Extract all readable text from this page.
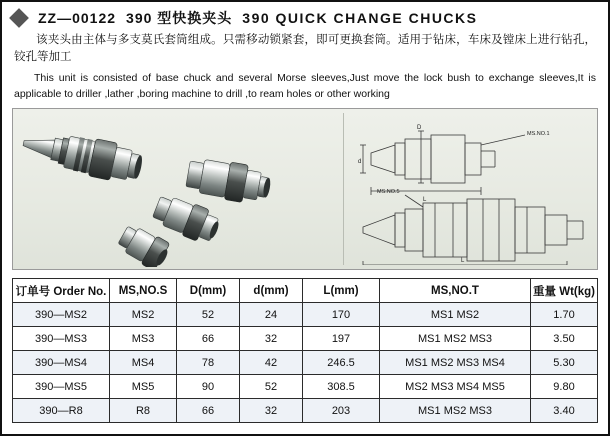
ZZ—00122 390 型快换夹头 390 QUICK CHANGE CHUCKS
该夹头由主体与多支莫氏套筒组成。只需移动锁紧套，即可更换套筒。适用于钻床，车床及镗床上进行钻孔，铰孔等加工
This unit is consisted of base chuck and several Morse sleeves,Just move the lock bush to exchange sleeves,It is applicable to driller ,lather ,boring machine to drill ,to ream holes or other working
d
D
L
MS.NO.1
MS.NO.5
L
订单号 Order No.	MS,NO.S	D(mm)	d(mm)	L(mm)	MS,NO.T	重量 Wt(kg)
390—MS2	MS2	52	24	170	MS1 MS2	1.70
390—MS3	MS3	66	32	197	MS1 MS2 MS3	3.50
390—MS4	MS4	78	42	246.5	MS1 MS2 MS3 MS4	5.30
390—MS5	MS5	90	52	308.5	MS2 MS3 MS4 MS5	9.80
390—R8	R8	66	32	203	MS1 MS2 MS3	3.40
